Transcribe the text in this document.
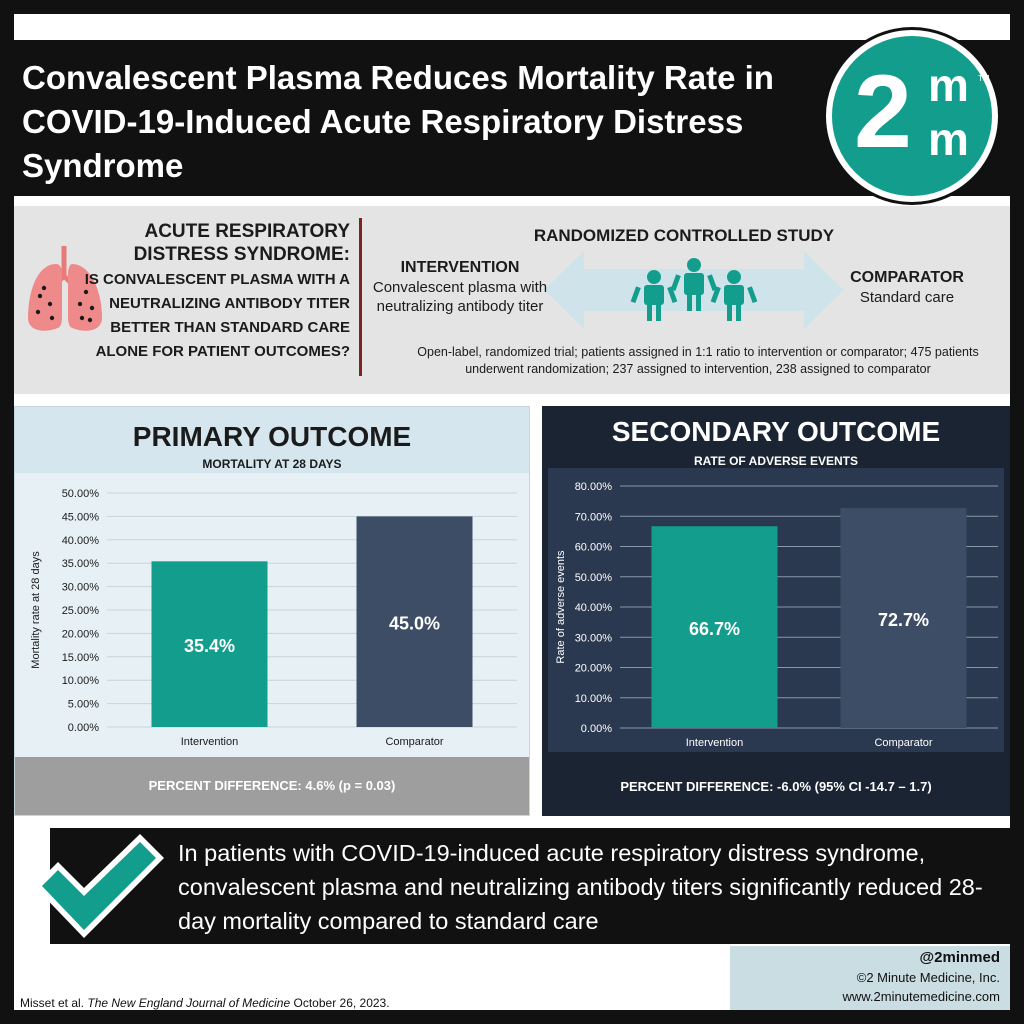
Convalescent Plasma Reduces Mortality Rate in COVID-19-Induced Acute Respiratory Distress Syndrome	2 m
m
TM
ACUTE RESPIRATORY DISTRESS SYNDROME:
IS CONVALESCENT PLASMA WITH A NEUTRALIZING ANTIBODY TITER BETTER THAN STANDARD CARE ALONE FOR PATIENT OUTCOMES?
RANDOMIZED CONTROLLED STUDY
INTERVENTION
Convalescent plasma with neutralizing antibody titer
COMPARATOR
Standard care
Open-label, randomized trial; patients assigned in 1:1 ratio to intervention or comparator; 475 patients underwent randomization; 237 assigned to intervention, 238 assigned to comparator
PRIMARY OUTCOME
MORTALITY AT 28 DAYS
0.00%
5.00%
10.00%
15.00%
20.00%
25.00%
30.00%
35.00%
40.00%
45.00%
50.00%
Mortality rate at 28 days	35.4%
Intervention
45.0%
Comparator
PERCENT DIFFERENCE: 4.6% (p = 0.03)
SECONDARY OUTCOME
RATE OF ADVERSE EVENTS
0.00%
10.00%
20.00%
30.00%
40.00%
50.00%
60.00%
70.00%
80.00%
Rate of adverse events	66.7%
Intervention
72.7%
Comparator
PERCENT DIFFERENCE: -6.0% (95% CI -14.7 – 1.7)
In patients with COVID-19-induced acute respiratory distress syndrome, convalescent plasma and neutralizing antibody titers significantly reduced 28-day mortality compared to standard care
@2minmed
©2 Minute Medicine, Inc.
www.2minutemedicine.com
Misset et al. The New England Journal of Medicine October 26, 2023.
